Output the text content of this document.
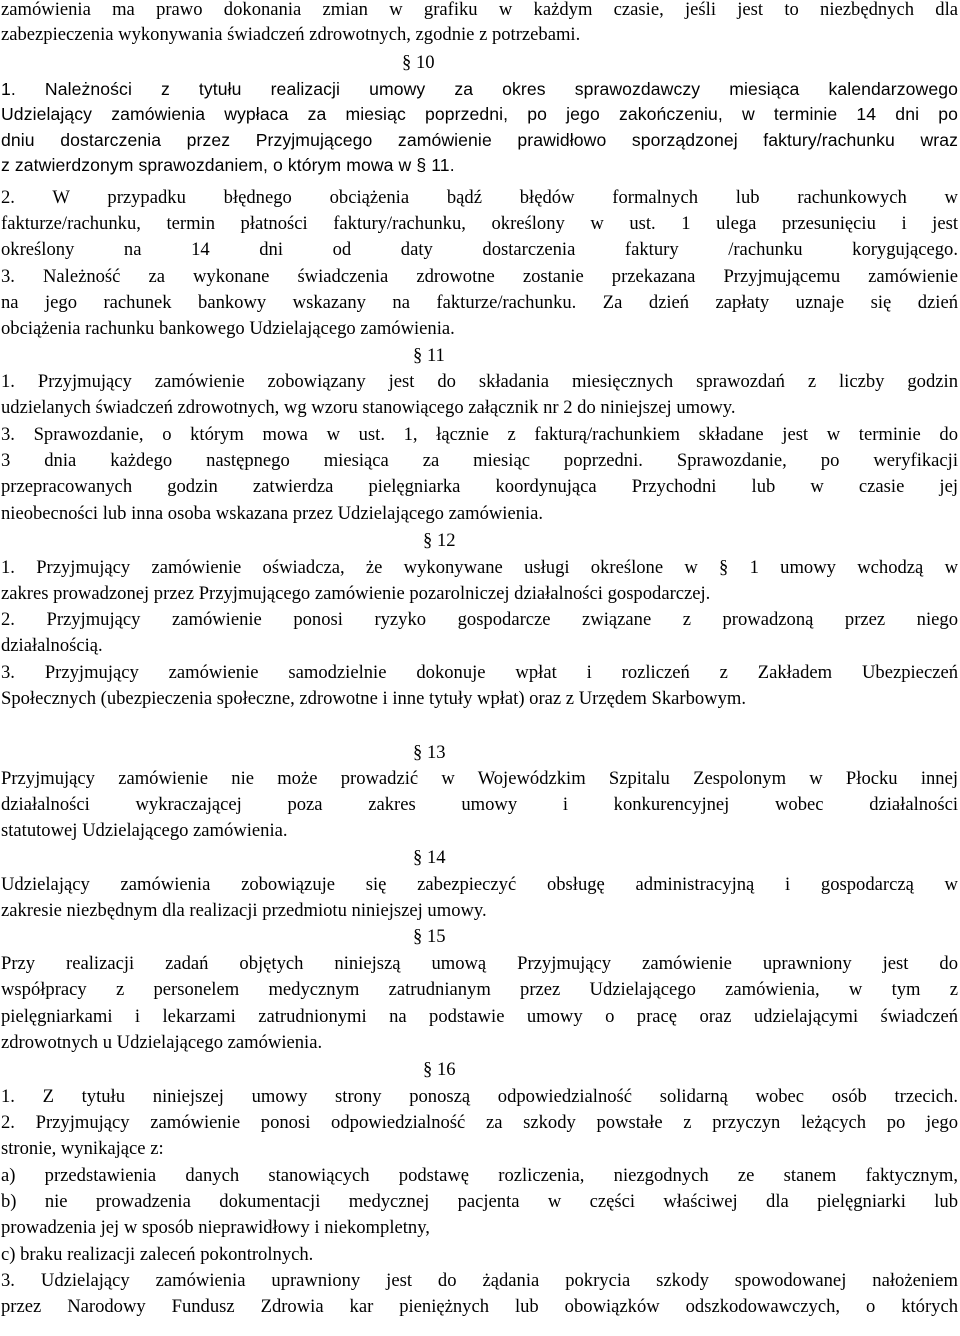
zamówienia ma prawo dokonania zmian w grafiku w każdym czasie, jeśli jest to niezbędnych dla
zabezpieczenia wykonywania świadczeń zdrowotnych, zgodnie z potrzebami.
§ 10
1. Należności z tytułu realizacji umowy za okres sprawozdawczy miesiąca kalendarzowego
Udzielający zamówienia wypłaca za miesiąc poprzedni, po jego zakończeniu, w terminie 14 dni po
dniu dostarczenia przez Przyjmującego zamówienie prawidłowo sporządzonej faktury/rachunku wraz
z zatwierdzonym sprawozdaniem, o którym mowa w § 11.
2. W przypadku błędnego obciążenia bądź błędów formalnych lub rachunkowych w
fakturze/rachunku, termin płatności faktury/rachunku, określony w ust. 1 ulega przesunięciu i jest
określony na 14 dni od daty dostarczenia faktury /rachunku korygującego.
3. Należność za wykonane świadczenia zdrowotne zostanie przekazana Przyjmującemu zamówienie
na jego rachunek bankowy wskazany na fakturze/rachunku. Za dzień zapłaty uznaje się dzień
obciążenia rachunku bankowego Udzielającego zamówienia.
§ 11
1. Przyjmujący zamówienie zobowiązany jest do składania miesięcznych sprawozdań z liczby godzin
udzielanych świadczeń zdrowotnych, wg wzoru stanowiącego załącznik nr 2 do niniejszej umowy.
3. Sprawozdanie, o którym mowa w ust. 1, łącznie z fakturą/rachunkiem składane jest w terminie do
3 dnia każdego następnego miesiąca za miesiąc poprzedni. Sprawozdanie, po weryfikacji
przepracowanych godzin zatwierdza pielęgniarka koordynująca Przychodni lub w czasie jej
nieobecności lub inna osoba wskazana przez Udzielającego zamówienia.
§ 12
1. Przyjmujący zamówienie oświadcza, że wykonywane usługi określone w § 1 umowy wchodzą w
zakres prowadzonej przez Przyjmującego zamówienie pozarolniczej działalności gospodarczej.
2. Przyjmujący zamówienie ponosi ryzyko gospodarcze związane z prowadzoną przez niego
działalnością.
3. Przyjmujący zamówienie samodzielnie dokonuje wpłat i rozliczeń z Zakładem Ubezpieczeń
Społecznych (ubezpieczenia społeczne, zdrowotne i inne tytuły wpłat) oraz z Urzędem Skarbowym.
§ 13
Przyjmujący zamówienie nie może prowadzić w Wojewódzkim Szpitalu Zespolonym w Płocku innej
działalności wykraczającej poza zakres umowy i konkurencyjnej wobec działalności
statutowej Udzielającego zamówienia.
§ 14
Udzielający zamówienia zobowiązuje się zabezpieczyć obsługę administracyjną i gospodarczą w
zakresie niezbędnym dla realizacji przedmiotu niniejszej umowy.
§ 15
Przy realizacji zadań objętych niniejszą umową Przyjmujący zamówienie uprawniony jest do
współpracy z personelem medycznym zatrudnianym przez Udzielającego zamówienia, w tym z
pielęgniarkami i lekarzami zatrudnionymi na podstawie umowy o pracę oraz udzielającymi świadczeń
zdrowotnych u Udzielającego zamówienia.
§ 16
1. Z tytułu niniejszej umowy strony ponoszą odpowiedzialność solidarną wobec osób trzecich.
2. Przyjmujący zamówienie ponosi odpowiedzialność za szkody powstałe z przyczyn leżących po jego
stronie, wynikające z:
a) przedstawienia danych stanowiących podstawę rozliczenia, niezgodnych ze stanem faktycznym,
b) nie prowadzenia dokumentacji medycznej pacjenta w części właściwej dla pielęgniarki lub
prowadzenia jej w sposób nieprawidłowy i niekompletny,
c) braku realizacji zaleceń pokontrolnych.
3. Udzielający zamówienia uprawniony jest do żądania pokrycia szkody spowodowanej nałożeniem
przez Narodowy Fundusz Zdrowia kar pieniężnych lub obowiązków odszkodowawczych, o których
